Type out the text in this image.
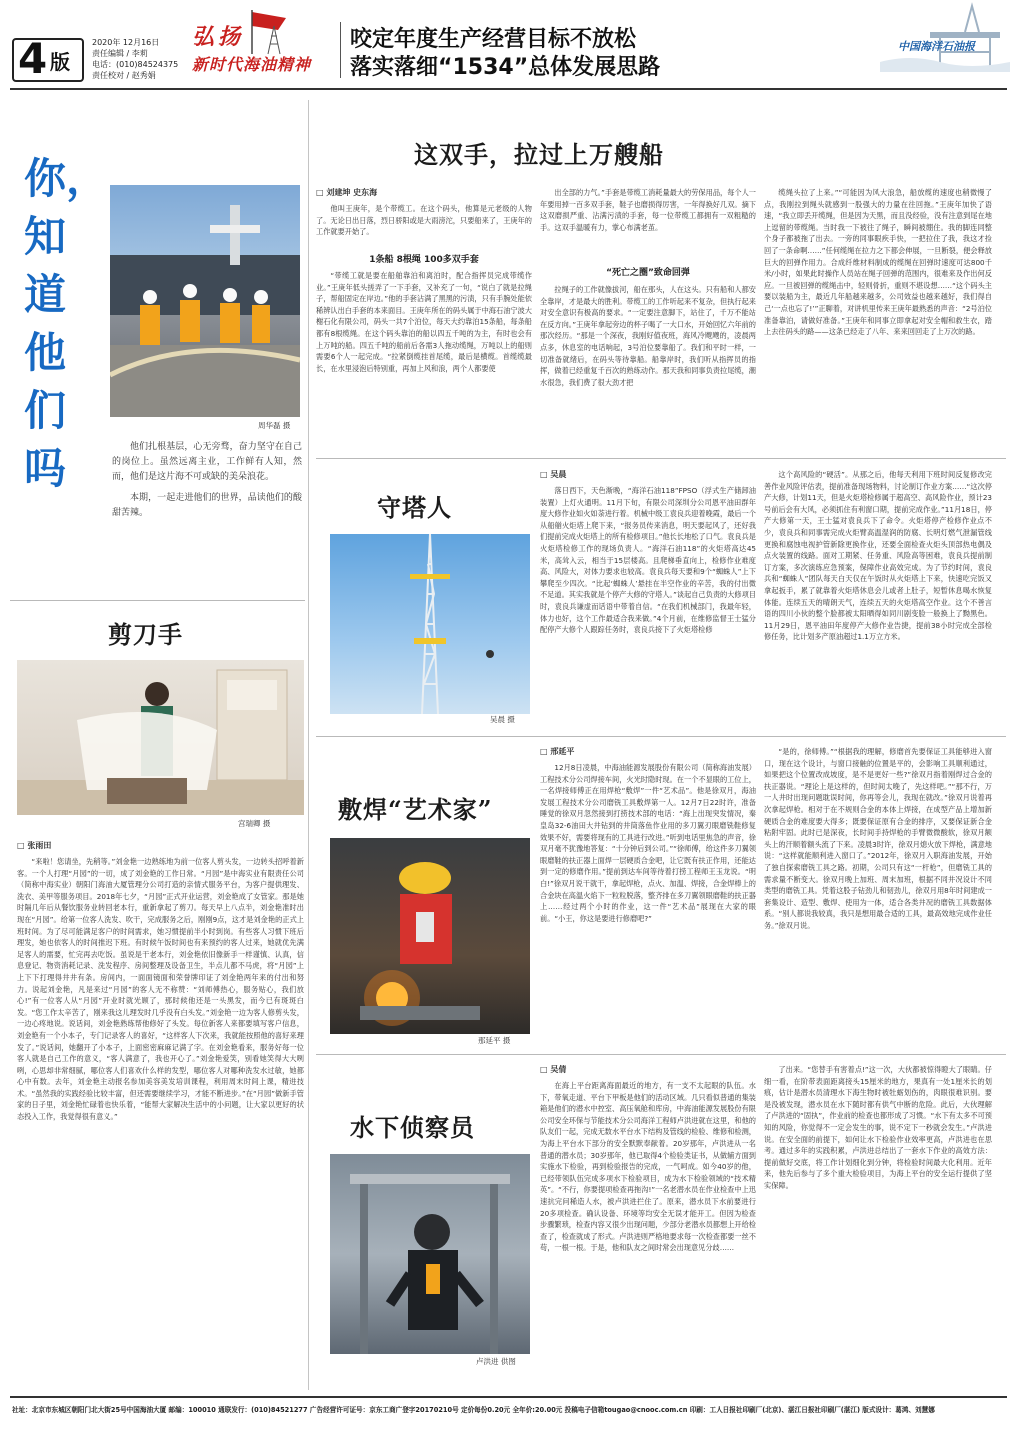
4 版
2020年 12月16日
责任编辑 / 李莉
电话：(010)84524375
责任校对 / 赵秀娟
弘扬
新时代海油精神
咬定年度生产经营目标不放松
落实落细“1534”总体发展思路
中国海洋石油报
你，知道他们吗
周华磊 摄

他们扎根基层，心无旁骛，奋力坚守在自己的岗位上。虽然远离主业，工作鲜有人知，然而，他们是这片海不可或缺的美朵浪花。

本期，一起走进他们的世界，品读他们的酸甜苦辣。

这双手，拉过上万艘船
□ 刘建坤 史东海

他叫王庚年，是个带缆工。在这个码头，他算是元老级的人物了。无论日出日落，烈日骄阳或是大雨滂沱，只要船来了，王庚年的工作就要开始了。

1条船 8根绳 100多双手套

“带缆工就是要在船舶靠泊和离泊时，配合指挥员完成带缆作业。”王庚年低头搓弄了一下手套，又补充了一句，“说白了就是拉绳子，帮船固定在岸边。”他的手套沾满了黑黑的污渍，只有手腕处能依稀辨认出白手套的本来面目。王庚年所在的码头属于中海石油宁波大榭石化有限公司，码头一共7个泊位，每天大约靠泊15条船，每条船都有8根缆绳。在这个码头靠泊的船以四五千吨的为主，有时也会有上万吨的船。四五千吨的船前后各需3人拖动缆绳，万吨以上的船则需要6个人一起完成。“拉紧倒缆挂首尾缆，最后是横缆。首缆缆最长，在水里浸泡后特别重，再加上风和浪，两个人都要使

出全部的力气。”手套是带缆工消耗量最大的劳保用品，每个人一年要用掉一百多双手套，鞋子也磨损得厉害，一年得换好几双。摘下这双磨损严重、沾满污渍的手套，每一位带缆工都拥有一双粗糙的手。这双手温暖有力，掌心布满老茧。

“死亡之圈”致命回弹

拉绳子的工作就像拔河，船在那头，人在这头。只有船和人都安全靠岸，才是最大的胜利。带缆工的工作听起来不复杂，但执行起来对安全意识有极高的要求。“一定要注意脚下，站住了，千万不能站在反方向。”王庚年拿起旁边的杯子喝了一大口水，开始回忆六年前的那次经历。“那是一个深夜，我刚好值夜班，海风冷飕飕的，凌晨两点多，休息室的电话响起，3号泊位要靠船了。我们和平时一样，一切准备就绪后，在码头等待靠船。船靠岸时，我们听从指挥员的指挥，做着已经重复千百次的熟练动作。那天我和同事负责拉尾缆，潮水很急，我们费了很大劲才把

缆绳头拉了上来。”“可能因为风大浪急，船放缆的速度也稍微慢了点，我刚拉到绳头就感到一股强大的力量在往回拖。”王庚年加快了语速，“我立即丢开缆绳，但是因为天黑，而且没经验，没有注意到尾在地上逗留的带缆绳。当时我一下被往了绳子，瞬间被绷住。我的脚连同整个身子都被拖了出去。一旁的同事眼疾手快，一把拉住了我，我这才捡回了一条命啊……”任何缆绳在拉力之下都会伸展，一旦断裂，便会释放巨大的回弹作用力。合成纤维材料制成的缆绳在回弹时速度可达800千米/小时，如果此时操作人员站在绳子回弹的范围内，很难来及作出何反应。一旦被回弹的缆绳击中，轻则骨折，重则不堪设想……“这个码头主要以装船为主，最近几年船越来越多，公司效益也越来越好，我们得自己‘一点也忘了!’”正聊着，对讲机里传来王庚年最熟悉的声音：“2号泊位准备靠泊，请做好准备。”王庚年和同事立即拿起对安全帽和救生衣，踏上去往码头的路——这条已经走了八年、来来回回走了上万次的路。

守塔人
吴晨 摄
□ 吴晨

落日西下，天色渐晚，“海洋石油118”FPSO（浮式生产储卸油装置）上灯火通明。11月下旬，有限公司深圳分公司恩平油田群年度大修作业如火如荼进行着。机械中级工袁良兵迎着晚霞，最后一个从船艏火炬塔上爬下来，“报务员传来消息，明天要起风了，还好我们提前完成火炬塔上的所有检修项目。”他长长地松了口气。袁良兵是火炬塔检修工作的现场负责人。“海洋石油118”的火炬塔高达45米，高耸入云，相当于15层楼高。且爬梯垂直向上，检修作业难度高、风险大，对体力要求也较高。袁良兵每天要和9个“蜘蛛人”上下攀爬至少四次。“比起‘蜘蛛人’悬挂在半空作业的辛苦，我的付出微不足道。其实我就是个停产大修的守塔人。”谈起自己负责的大修项目时，袁良兵谦虚而话语中带着自信。“在我们机械部门，我最年轻，体力也好，这个工作最适合我来做。”4个月前，在维修监督王士猛分配停产大修个人跟踪任务时，袁良兵接下了火炬塔检修

这个高风险的“硬活”。从那之后，他每天利用下班时间反复修改完善作业风险评估表，提前准备现场物料，讨论制订作业方案……“这次停产大修，计划11天，但是火炬塔检修属于超高空、高风险作业，预计23号前后会有大风，必须抓住有利窗口期，提前完成作业。”11月18日，停产大修第一天，王士猛对袁良兵下了命令。火炬塔停产检修作业点不少，袁良兵和同事需完成火炬臂高温湿润的防腐、长明灯燃气泄漏管线更换和腐蚀电视护管新除更换作业，还要全面检查火炬头顶部热电偶及点火装置的线路。面对工期紧、任务重、风险高等困难，袁良兵提前制订方案，多次演练应急预案，保障作业高效完成。为了节约时间，袁良兵和“蜘蛛人”团队每天白天仅在午饭时从火炬塔上下来，快速吃完饭又拿起扳手，累了就靠着火炬塔休息会儿或者上肚子，短暂休息喝水恢复体能。连续五天的晴朗天气，连续五天的火炬塔高空作业。这个不善言语的四川小伙的整个脸都被太阳晒得如同川剧变脸一般换上了黝黑色。11月29日，恩平油田年度停产大修作业告捷，提前38小时完成全部检修任务，比计划多产原油超过1.1万立方米。

敷焊“艺术家”
那延平 摄
□ 邢延平

12月8日凌晨，中海油能源发展股份有限公司（简称海油发展）工程技术分公司焊接车间，火光时隐时现。在一个不显眼的工位上，一名焊接师傅正在用焊枪“敷焊”一件“艺术品”。他是徐双月，海油发展工程技术分公司磨铣工具敷焊第一人。12月7日22时许，准备睡觉的徐双月忽然接到打捞技术部的电话：“海上出现突发情况，秦皇岛32-6油田大井钻到的井筒落鱼作业用的多刀翼刃眼磨铣鞋修复效果不好，需要将现有的工具进行改进。”听到电话里焦急的声音，徐双月毫不犹豫地答复：“十分钟后到公司。”“徐师傅，给这件多刀翼领眼磨鞋的扶正器上面焊一层硬质合金吧，让它既有扶正作用，还能达到一定的修磨作用。”提前到达车间等待着打捞工程师王玉龙说。“明白!”徐双月说干就干，拿起焊枪，点火、加温、焊接，合金焊棒上的合金块在高温火焰下一粒粒脱落，整齐排在多刀翼领眼磨鞋的扶正器上……经过两个小时的作业，这一件“艺术品”展现在大家的眼前。“小王，你这是要进行修磨吧?”

“是的，徐师傅。”“根据我的理解，修磨首先要保证工具能够进入窗口，现在这个设计，与窗口接触的位置是平的，会影响工具顺利通过，如果把这个位置改成坡度，是不是更好一些?”徐双月指着刚焊过合金的扶正器说。“理论上是这样的，但时间太晚了，先这样吧。”“那不行，万一人井时出现问题耽误时间，你再等会儿，我现在就改。”徐双月说着再次拿起焊枪。相对于在不规则合金的本体上焊接，在成型产品上增加新硬质合金的难度要大得多；既要保证原有合金的排序，又要保证新合金粘附牢固。此时已是深夜，长时间手持焊枪的手臂微微酸软，徐双月额头上的汗顺着额头流了下来。凌晨3时许，徐双月熄火放下焊枪，满意地说：“这样就能顺利进入窗口了。”2012年，徐双月入职海油发展，开始了独自探索磨铣工具之路。初期，公司只有这“一杆枪”，但磨铣工具的需求量不断变大。徐双月晚上加班、周末加班，根据不同井况设计不同类型的磨铣工具。凭着这股子钻劲儿和韧劲儿，徐双月用8年时间建成一套集设计、造型、敷焊、使用为一体，适合各类井况的磨铣工具数据体系。“别人都说我较真，我只是想用最合适的工具，最高效地完成作业任务。”徐双月说。

水下侦察员
卢洪进 供图
□ 吴倩

在海上平台距离海面最近的地方，有一支不太起眼的队伍。水下，带氧走道、平台下甲板是他们的活动区域。几只看似普通的集装箱是他们的潜水中控室、高压氧舱和库房，中海油能源发展股份有限公司安全环保与节能技术分公司海洋工程师卢洪进就在这里，和他的队友们一起，完成无数水平台水下结构及管线的检验、维修和检测，为海上平台水下部分的安全默默奉献着。20岁那年，卢洪进从一名普通的潜水员；30岁那年，他已取得4个检验类证书，从做辅方面到实施水下检验，再到检验报告的完成，一气呵成。如今40岁的他，已经带领队伍完成多项水下检验项目，成为水下检验领域的“技术精英”。“不行，你要提项检查再拖沟!”一名老潜水员在作业检查中上迅速抗完问稀造人水，被卢洪进拦住了。原来，潜水员下水前要进行20多项检查。确认设备、环境等均安全无误才能开工。但因为检查步骤繁琐，检查内容又很少出现问题，少部分老潜水员都想上开给检查了，检查就成了形式。卢洪进则严格地要求每一次检查都要一丝不苟，一根一根。于是，他和队友之间时常会出现意见分歧……

了出来。“您替手有害着点!”这一次，大伙都被惊得瞪大了眼睛。仔细一看，在阶带表面距离接头15厘米的地方，果真有一处1厘米长的划痕，估计是潜水员清理水下海生物时被牡蛎划伤的，肉眼很难识别。要是没被发现，潜水员在水下随时都有供气中断的危险。此后，大伙理解了卢洪进的“固执”，作业前的检查也都形成了习惯。“水下有太多不可预知的风险，你觉得不一定会发生的事，说不定下一秒就会发生。”卢洪进说。在安全面的前提下，如何让水下检验作业效率更高，卢洪进也在思考。通过多年的实践积累，卢洪进总结出了一套水下作业的高效方法：提前做好交底，将工作计划细化到分钟，将检验时间最大化利用。近年来，他先后参与了多个重大检验项目，为海上平台的安全运行提供了坚实保障。

剪刀手
宫瑞卿 摄
□ 张雨田

“来啦！您请坐，先稍等。”刘金艳一边熟练地为前一位客人剪头发，一边转头招呼着新客。一个人打理“月园”的一切，成了刘金艳的工作日常。“月园”是中海实业有限责任公司（简称中海实业）朝阳门海油大厦管理分公司打造的亲情式服务平台，为客户提供理发、洗衣、美甲等服务项目。2018年七夕，“月园”正式开业运营，刘金艳成了女管家。那是她时隔几年后从餐饮服务业转回老本行，重新拿起了剪刀。每天早上八点半，刘金艳准时出现在“月园”。给第一位客人洗发、吹干，完成服务之后，刚刚9点，这才是刘金艳的正式上班时间。为了尽可能满足客户的时间需求，她习惯提前半小时到岗。有些客人习惯下班后理发，她也依客人的时间推迟下班。有时候午饭时间也有来预约的客人过来，她就优先满足客人的需要，忙完再去吃饭。虽说是干老本行，刘金艳依旧像新手一样谨慎、认真，信息登记、物资消耗记录、洗发程序、房间整理及设备卫生，半点儿都不马虎，将“月园”上上下下打理得井井有条。房间内，一面面镜面和荣誉牌印证了刘金艳两年来的付出和努力。说起刘金艳，凡是来过“月园”的客人无不称赞：“刘师傅热心，服务贴心，我们放心!”有一位客人从“月园”开业时就光顾了，那时候他还是一头黑发，而今已有斑斑白发。“您工作太辛苦了，刚来我这儿理发时几乎没有白头发。”刘金艳一边为客人修剪头发，一边心疼地说。说话间，刘金艳熟练帮他修好了头发。每位新客人来都要填写客户信息，刘金艳有一个小本子，专门记录客人的喜好，“这样客人下次来，我就能按照他的喜好来理发了。”说话间，她翻开了小本子，上面密密麻麻记满了字。在刘金艳看来，服务好每一位客人就是自己工作的意义，“客人满意了，我也开心了。”刘金艳爱笑，别看她笑得大大咧咧，心思却非常细腻，哪位客人们喜欢什么样的发型，哪位客人对哪种洗发水过敏，她都心中有数。去年，刘金艳主动报名参加美容美发培训课程，利用周末时间上课，精进技术。“虽然我的实践经验比较丰富，但还需要继续学习，才能不断进步。”在“月园”做新手管家的日子里，刘金艳忙碌着也快乐着，“能帮大家解决生活中的小问题，让大家以更好的状态投入工作，我觉得很有意义。”

社址：北京市东城区朝阳门北大街25号中国海油大厦 邮编：100010 通联发行：(010)84521277 广告经营许可证号：京东工商广登字20170210号 定价每份0.20元 全年价:20.00元 投稿电子信箱tougao@cnooc.com.cn 印刷：工人日报社印刷厂(北京)、湛江日报社印刷厂(湛江) 版式设计：葛鸿、刘慧娜
